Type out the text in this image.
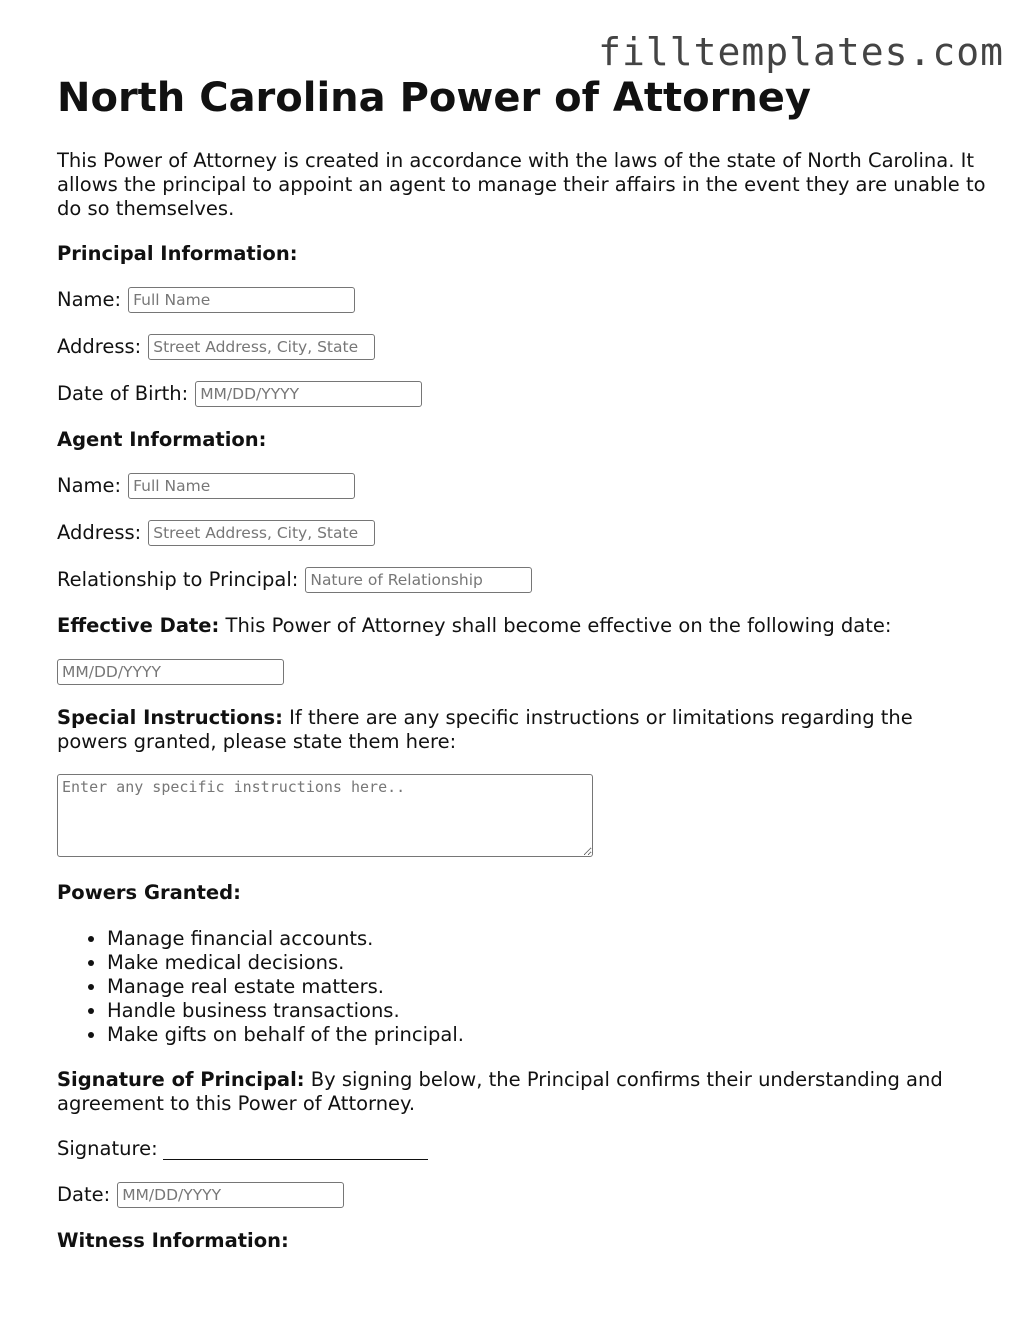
filltemplates.com
North Carolina Power of Attorney

This Power of Attorney is created in accordance with the laws of the state of North Carolina. It allows the principal to appoint an agent to manage their affairs in the event they are unable to do so themselves.

Principal Information:

Name:
Full Name
Address:
Street Address, City, State
Date of Birth:
MM/DD/YYYY

Agent Information:

Name:
Full Name
Address:
Street Address, City, State
Relationship to Principal:
Nature of Relationship

Effective Date: This Power of Attorney shall become effective on the following date:

MM/DD/YYYY

Special Instructions: If there are any specific instructions or limitations regarding the powers granted, please state them here:

Enter any specific instructions here..

Powers Granted:

• Manage financial accounts.
• Make medical decisions.
• Manage real estate matters.
• Handle business transactions.
• Make gifts on behalf of the principal.

Signature of Principal: By signing below, the Principal confirms their understanding and agreement to this Power of Attorney.

Signature:
Date:
MM/DD/YYYY

Witness Information:
